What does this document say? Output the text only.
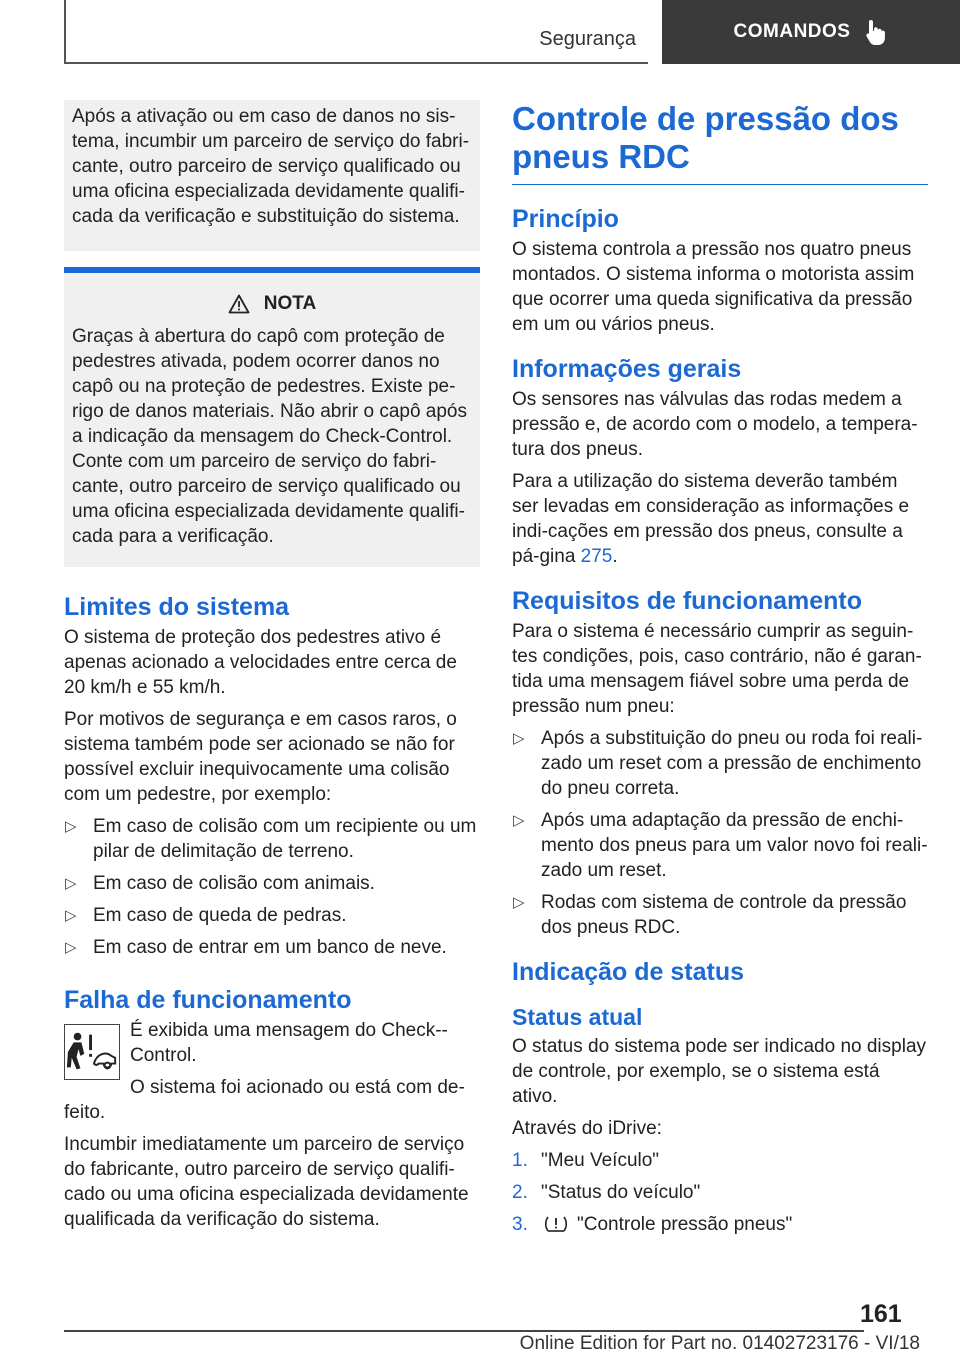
Segurança	COMANDOS

Após a ativação ou em caso de danos no sis-tema, incumbir um parceiro de serviço do fabri-cante, outro parceiro de serviço qualificado ou uma oficina especializada devidamente qualifi-cada da verificação e substituição do sistema.

NOTA

Graças à abertura do capô com proteção de pedestres ativada, podem ocorrer danos no capô ou na proteção de pedestres. Existe pe-rigo de danos materiais. Não abrir o capô após a indicação da mensagem do Check-Control. Conte com um parceiro de serviço do fabri-cante, outro parceiro de serviço qualificado ou uma oficina especializada devidamente qualifi-cada para a verificação.

Limites do sistema

O sistema de proteção dos pedestres ativo é apenas acionado a velocidades entre cerca de 20 km/h e 55 km/h.

Por motivos de segurança e em casos raros, o sistema também pode ser acionado se não for possível excluir inequivocamente uma colisão com um pedestre, por exemplo:

▷ Em caso de colisão com um recipiente ou um pilar de delimitação de terreno.
▷ Em caso de colisão com animais.
▷ Em caso de queda de pedras.
▷ Em caso de entrar em um banco de neve.
Falha de funcionamento

É exibida uma mensagem do Check--Control.

O sistema foi acionado ou está com de-feito.

Incumbir imediatamente um parceiro de serviço do fabricante, outro parceiro de serviço qualifi-cado ou uma oficina especializada devidamente qualificada da verificação do sistema.

Controle de pressão dos pneus RDC
Princípio

O sistema controla a pressão nos quatro pneus montados. O sistema informa o motorista assim que ocorrer uma queda significativa da pressão em um ou vários pneus.

Informações gerais

Os sensores nas válvulas das rodas medem a pressão e, de acordo com o modelo, a tempera-tura dos pneus.

Para a utilização do sistema deverão também ser levadas em consideração as informações e indi-cações em pressão dos pneus, consulte a pá-gina 275.

Requisitos de funcionamento

Para o sistema é necessário cumprir as seguin-tes condições, pois, caso contrário, não é garan-tida uma mensagem fiável sobre uma perda de pressão num pneu:

▷ Após a substituição do pneu ou roda foi reali-zado um reset com a pressão de enchimento do pneu correta.
▷ Após uma adaptação da pressão de enchi-mento dos pneus para um valor novo foi reali-zado um reset.
▷ Rodas com sistema de controle da pressão dos pneus RDC.
Indicação de status
Status atual

O status do sistema pode ser indicado no display de controle, por exemplo, se o sistema está ativo.

Através do iDrive:

1. "Meu Veículo"
2. "Status do veículo"
3.	"Controle pressão pneus"
161
Online Edition for Part no. 01402723176 - VI/18
